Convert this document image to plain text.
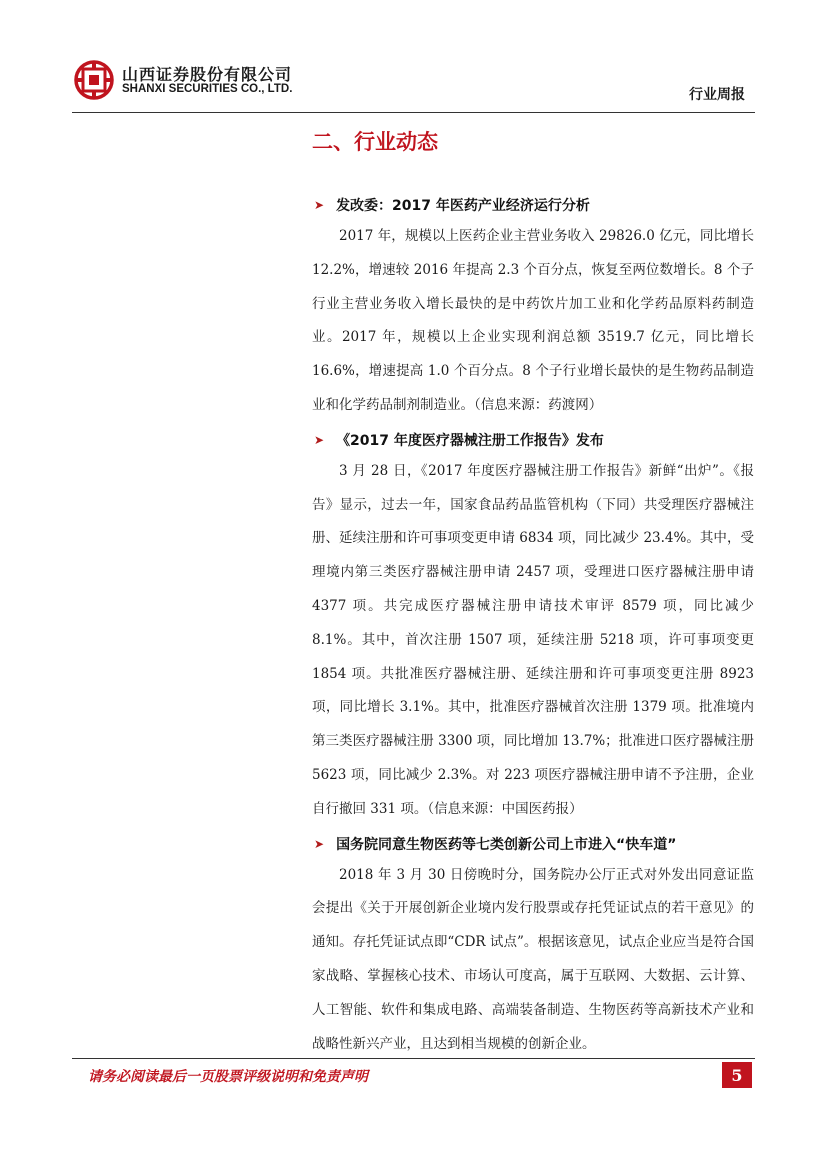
山西证券股份有限公司
SHANXI SECURITIES CO., LTD.	行业周报
二、行业动态
➤ 发改委：2017 年医药产业经济运行分析

2017 年，规模以上医药企业主营业务收入 29826.0 亿元，同比增长 12.2%，增速较 2016 年提高 2.3 个百分点，恢复至两位数增长。8 个子行业主营业务收入增长最快的是中药饮片加工业和化学药品原料药制造业。2017 年，规模以上企业实现利润总额 3519.7 亿元，同比增长 16.6%，增速提高 1.0 个百分点。8 个子行业增长最快的是生物药品制造业和化学药品制剂制造业。（信息来源：药渡网）

➤ 《2017 年度医疗器械注册工作报告》发布

3 月 28 日，《2017 年度医疗器械注册工作报告》新鲜“出炉”。《报告》显示，过去一年，国家食品药品监管机构（下同）共受理医疗器械注册、延续注册和许可事项变更申请 6834 项，同比减少 23.4%。其中，受理境内第三类医疗器械注册申请 2457 项，受理进口医疗器械注册申请 4377 项。共完成医疗器械注册申请技术审评 8579 项，同比减少 8.1%。其中，首次注册 1507 项，延续注册 5218 项，许可事项变更 1854 项。共批准医疗器械注册、延续注册和许可事项变更注册 8923 项，同比增长 3.1%。其中，批准医疗器械首次注册 1379 项。批准境内第三类医疗器械注册 3300 项，同比增加 13.7%；批准进口医疗器械注册 5623 项，同比减少 2.3%。对 223 项医疗器械注册申请不予注册，企业自行撤回 331 项。（信息来源：中国医药报）

➤ 国务院同意生物医药等七类创新公司上市进入“快车道”

2018 年 3 月 30 日傍晚时分，国务院办公厅正式对外发出同意证监会提出《关于开展创新企业境内发行股票或存托凭证试点的若干意见》的通知。存托凭证试点即“CDR 试点”。根据该意见，试点企业应当是符合国家战略、掌握核心技术、市场认可度高，属于互联网、大数据、云计算、人工智能、软件和集成电路、高端装备制造、生物医药等高新技术产业和战略性新兴产业，且达到相当规模的创新企业。

请务必阅读最后一页股票评级说明和免责声明	5
